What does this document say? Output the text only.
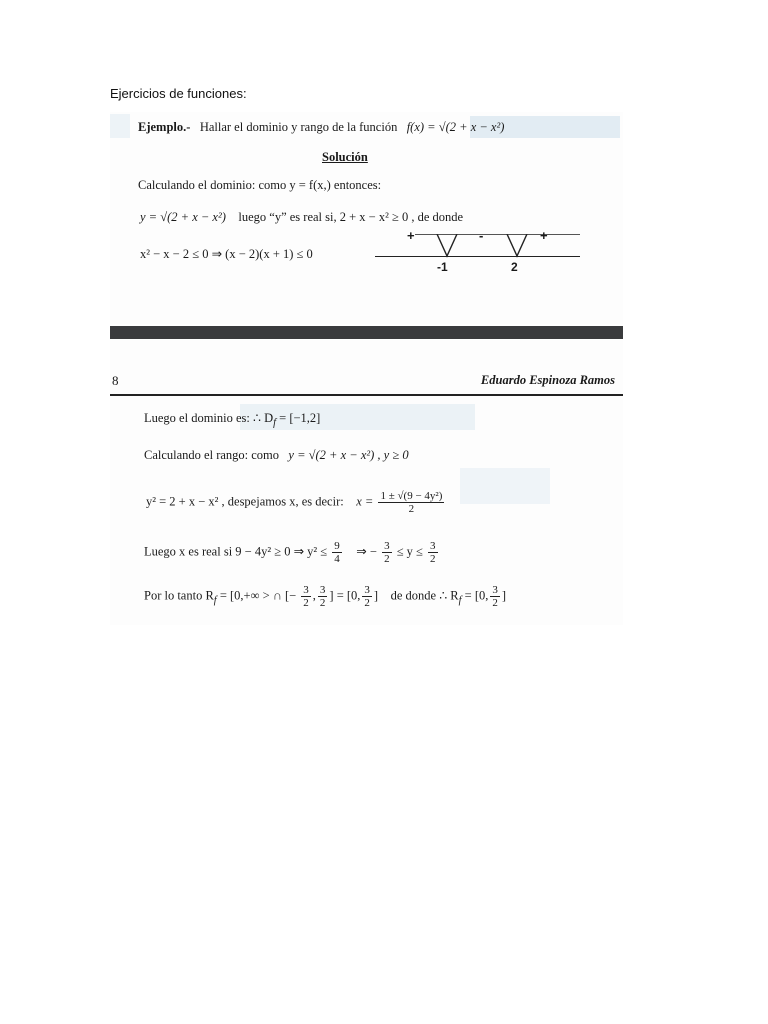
Ejercicios de funciones:
Ejemplo.- Hallar el dominio y rango de la función f(x) = √(2 + x − x²)
Solución
Calculando el dominio: como y = f(x,) entonces:
y = √(2 + x − x²) luego “y” es real si, 2 + x − x² ≥ 0 , de donde
x² − x − 2 ≤ 0 ⇒ (x − 2)(x + 1) ≤ 0
+	-	+
-1	2
8	Eduardo Espinoza Ramos
Luego el dominio es: ∴ $D_f = [-1,2]$
Calculando el rango: como y = √(2 + x − x²) , y ≥ 0
y² = 2 + x − x² , despejamos x, es decir: $x = \frac{\text{1 ± √(9 − 4y²)}}{2}$
Luego x es real si 9 − 4y² ≥ 0 ⇒ $y^2 \le \frac{9}{4}$ ⇒ − $\frac{3}{2} \le y \le \frac{3}{2}$
Por lo tanto $R_f = [0,+\infty$ > ∩ [− $\frac{3}{2}$ , $\frac{3}{2}$ ] = [0, $\frac{3}{2}$ ] de donde ∴ $R_f = [0$, $\frac{3}{2}$ ]
